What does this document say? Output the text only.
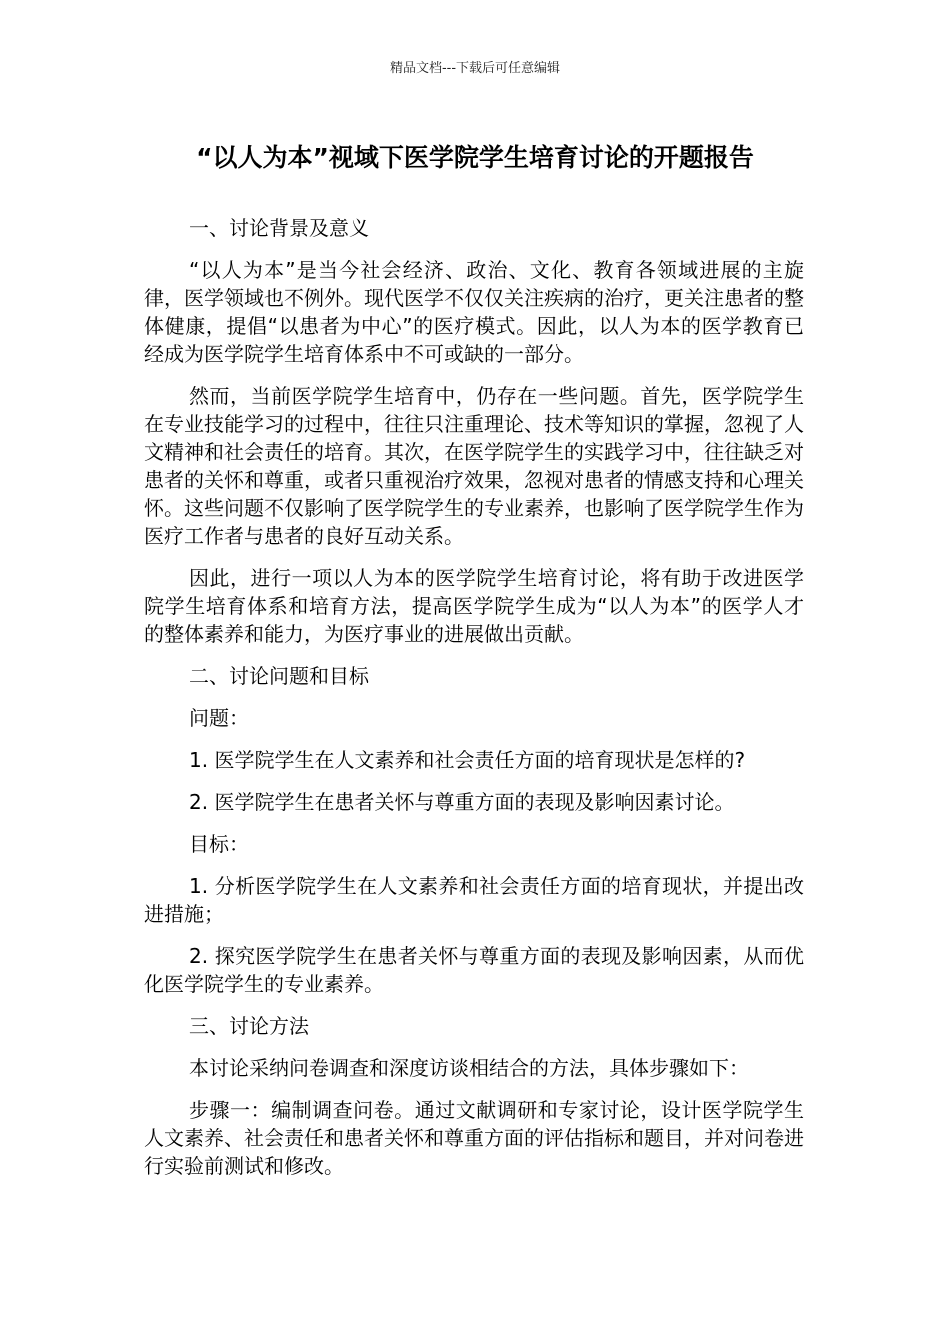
精品文档---下载后可任意编辑
“以人为本”视域下医学院学生培育讨论的开题报告

一、讨论背景及意义

“以人为本”是当今社会经济、政治、文化、教育各领域进展的主旋律，医学领域也不例外。现代医学不仅仅关注疾病的治疗，更关注患者的整体健康，提倡“以患者为中心”的医疗模式。因此，以人为本的医学教育已经成为医学院学生培育体系中不可或缺的一部分。

然而，当前医学院学生培育中，仍存在一些问题。首先，医学院学生在专业技能学习的过程中，往往只注重理论、技术等知识的掌握，忽视了人文精神和社会责任的培育。其次，在医学院学生的实践学习中，往往缺乏对患者的关怀和尊重，或者只重视治疗效果，忽视对患者的情感支持和心理关怀。这些问题不仅影响了医学院学生的专业素养，也影响了医学院学生作为医疗工作者与患者的良好互动关系。

因此，进行一项以人为本的医学院学生培育讨论，将有助于改进医学院学生培育体系和培育方法，提高医学院学生成为“以人为本”的医学人才的整体素养和能力，为医疗事业的进展做出贡献。

二、讨论问题和目标

问题：

1. 医学院学生在人文素养和社会责任方面的培育现状是怎样的?

2. 医学院学生在患者关怀与尊重方面的表现及影响因素讨论。

目标：

1. 分析医学院学生在人文素养和社会责任方面的培育现状，并提出改进措施；

2. 探究医学院学生在患者关怀与尊重方面的表现及影响因素，从而优化医学院学生的专业素养。

三、讨论方法

本讨论采纳问卷调查和深度访谈相结合的方法，具体步骤如下：

步骤一：编制调查问卷。通过文献调研和专家讨论，设计医学院学生人文素养、社会责任和患者关怀和尊重方面的评估指标和题目，并对问卷进行实验前测试和修改。
